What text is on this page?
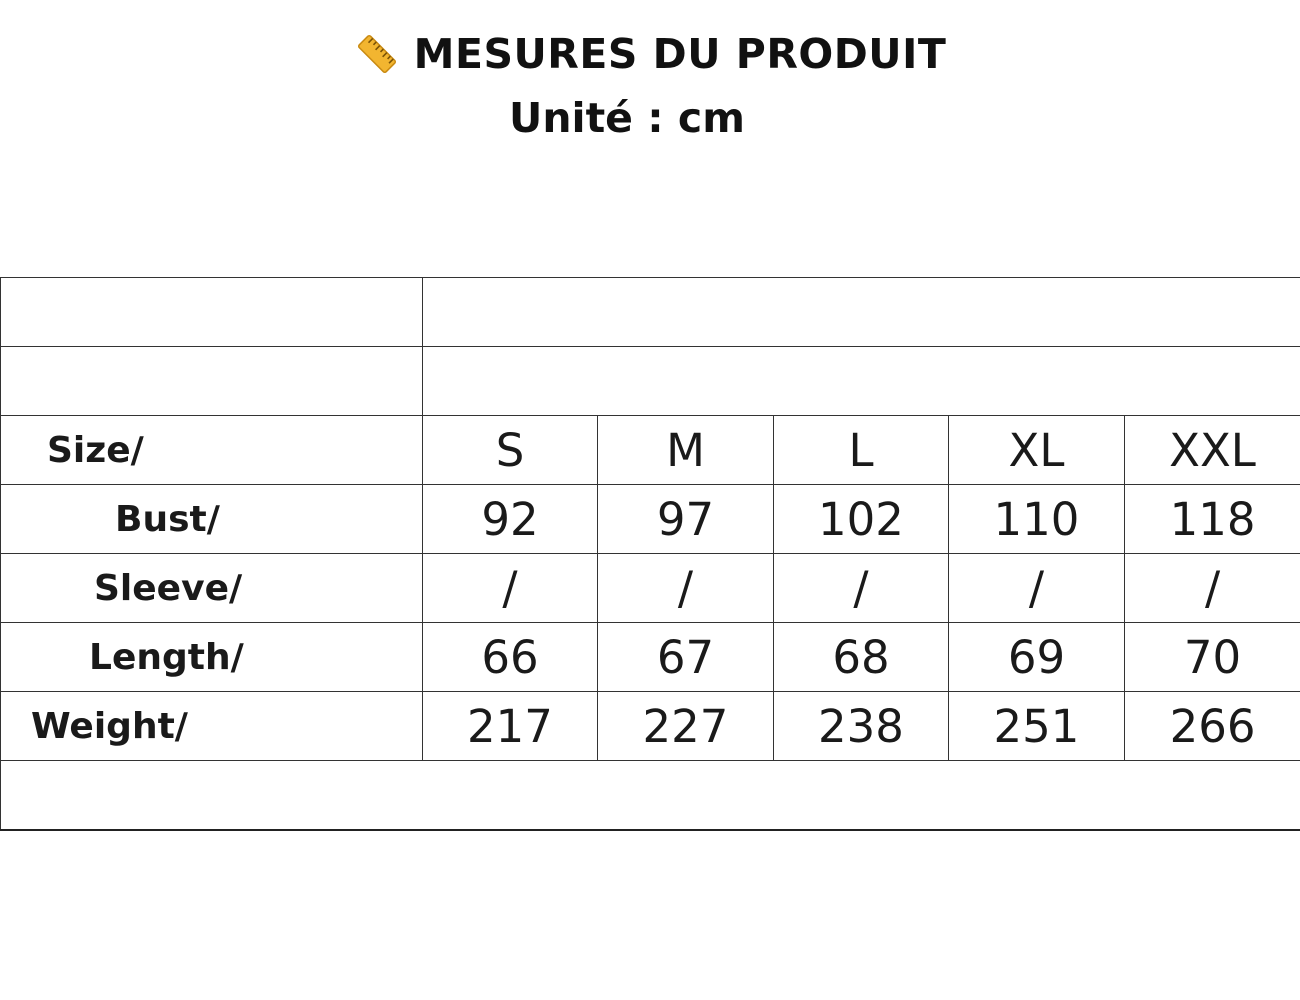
MESURES DU PRODUIT
Unité : cm

Size/	S	M	L	XL	XXL
Bust/	92	97	102	110	118
Sleeve/	/	/	/	/	/
Length/	66	67	68	69	70
Weight/	217	227	238	251	266
